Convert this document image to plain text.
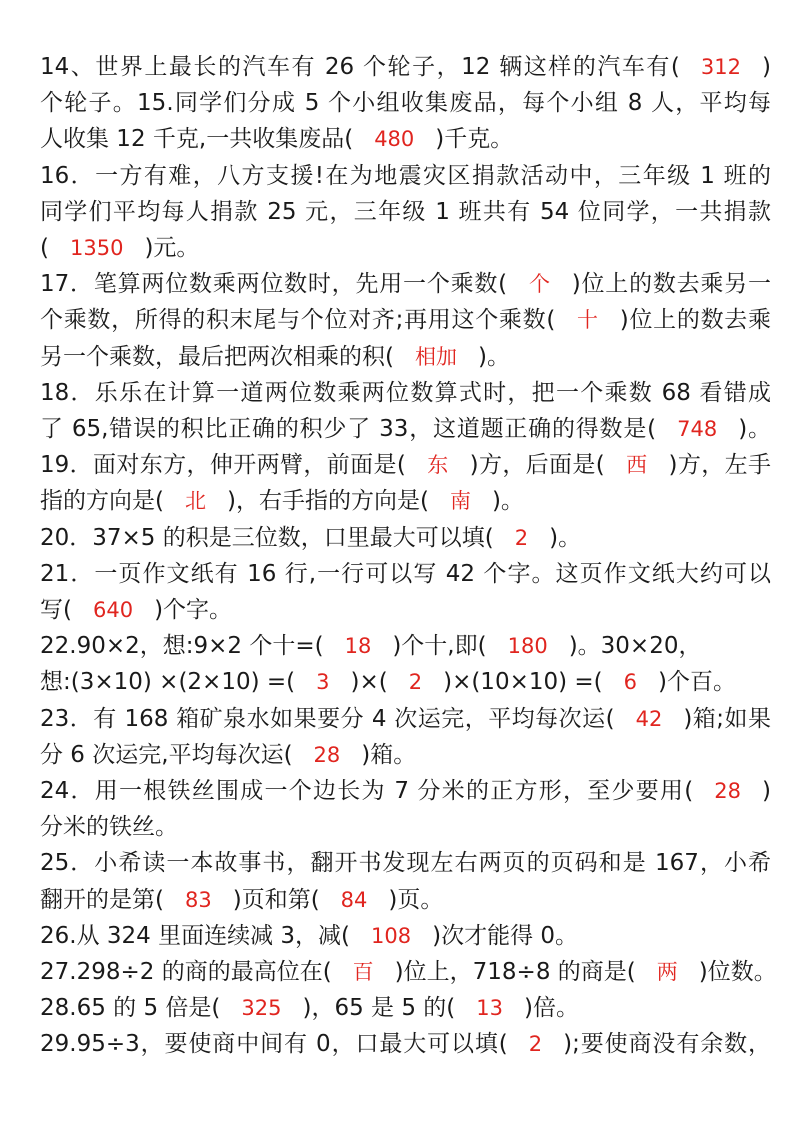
14、世界上最长的汽车有 26 个轮子，12 辆这样的汽车有(  312  )
个轮子。15.同学们分成 5 个小组收集废品，每个小组 8 人，平均每
人收集 12 千克,一共收集废品(  480  )千克。
16．一方有难，八方支援!在为地震灾区捐款活动中，三年级 1 班的
同学们平均每人捐款 25 元，三年级 1 班共有 54 位同学，一共捐款
(  1350  )元。
17．笔算两位数乘两位数时，先用一个乘数(  个  )位上的数去乘另一
个乘数，所得的积末尾与个位对齐;再用这个乘数(  十  )位上的数去乘
另一个乘数，最后把两次相乘的积(  相加  )。
18．乐乐在计算一道两位数乘两位数算式时，把一个乘数 68 看错成
了 65,错误的积比正确的积少了 33，这道题正确的得数是(  748  )。
19．面对东方，伸开两臂，前面是(  东  )方，后面是(  西  )方，左手
指的方向是(  北  )，右手指的方向是(  南  )。
20．37×5 的积是三位数，口里最大可以填(  2  )。
21．一页作文纸有 16 行,一行可以写 42 个字。这页作文纸大约可以
写(  640  )个字。
22.90×2，想:9×2 个十=(  18  )个十,即(  180  )。30×20，
想:(3×10) ×(2×10) =(  3  )×(  2  )×(10×10) =(  6  )个百。
23．有 168 箱矿泉水如果要分 4 次运完，平均每次运(  42  )箱;如果
分 6 次运完,平均每次运(  28  )箱。
24．用一根铁丝围成一个边长为 7 分米的正方形，至少要用(  28  )
分米的铁丝。
25．小希读一本故事书，翻开书发现左右两页的页码和是 167，小希
翻开的是第(  83  )页和第(  84  )页。
26.从 324 里面连续减 3，减(  108  )次才能得 0。
27.298÷2 的商的最高位在(  百  )位上，718÷8 的商是(  两  )位数。
28.65 的 5 倍是(  325  )，65 是 5 的(  13  )倍。
29.95÷3，要使商中间有 0，口最大可以填(  2  );要使商没有余数，
